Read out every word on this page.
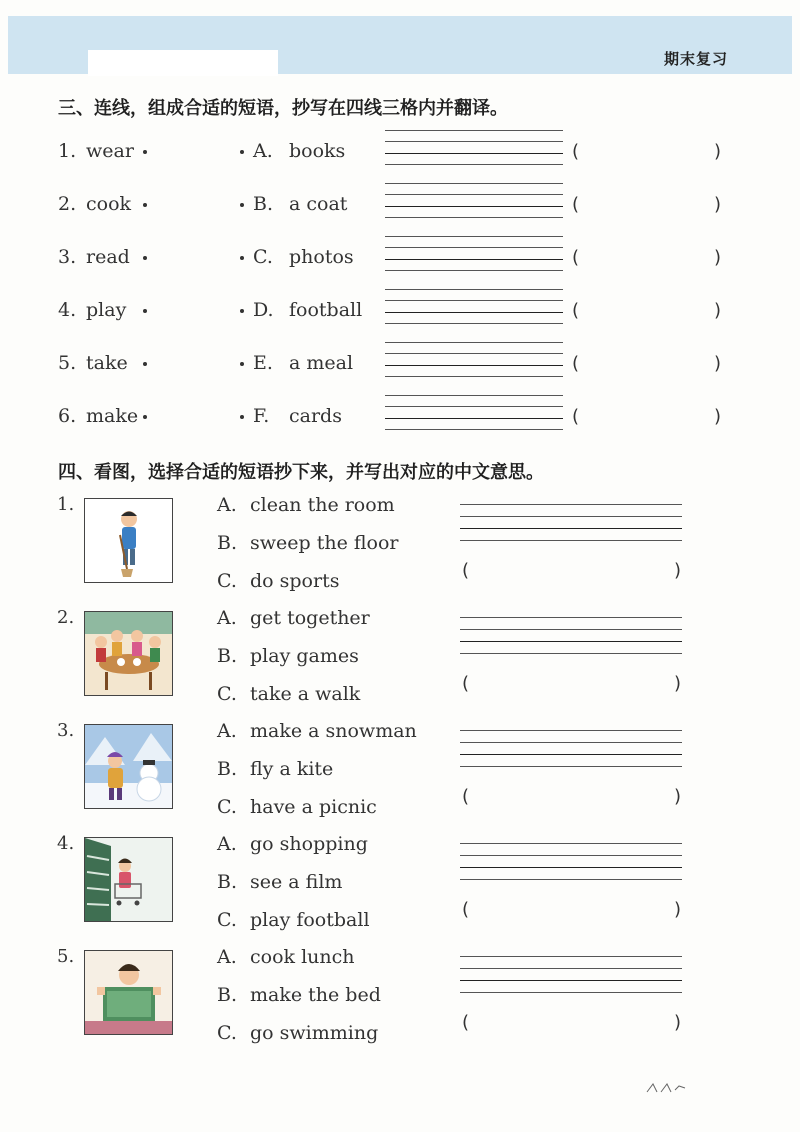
期末复习
三、连线，组成合适的短语，抄写在四线三格内并翻译。
1. wear	A. books	(	)
2. cook	B. a coat	(	)
3. read	C. photos	(	)
4. play	D. football	(	)
5. take	E. a meal	(	)
6. make	F. cards	(	)
四、看图，选择合适的短语抄下来，并写出对应的中文意思。
1.	A. clean the room
B. sweep the floor
C. do sports	(	)
2.	A. get together
B. play games
C. take a walk	(	)
3.	A. make a snowman
B. fly a kite
C. have a picnic	(	)
4.	A. go shopping
B. see a film
C. play football	(	)
5.	A. cook lunch
B. make the bed
C. go swimming	(	)
